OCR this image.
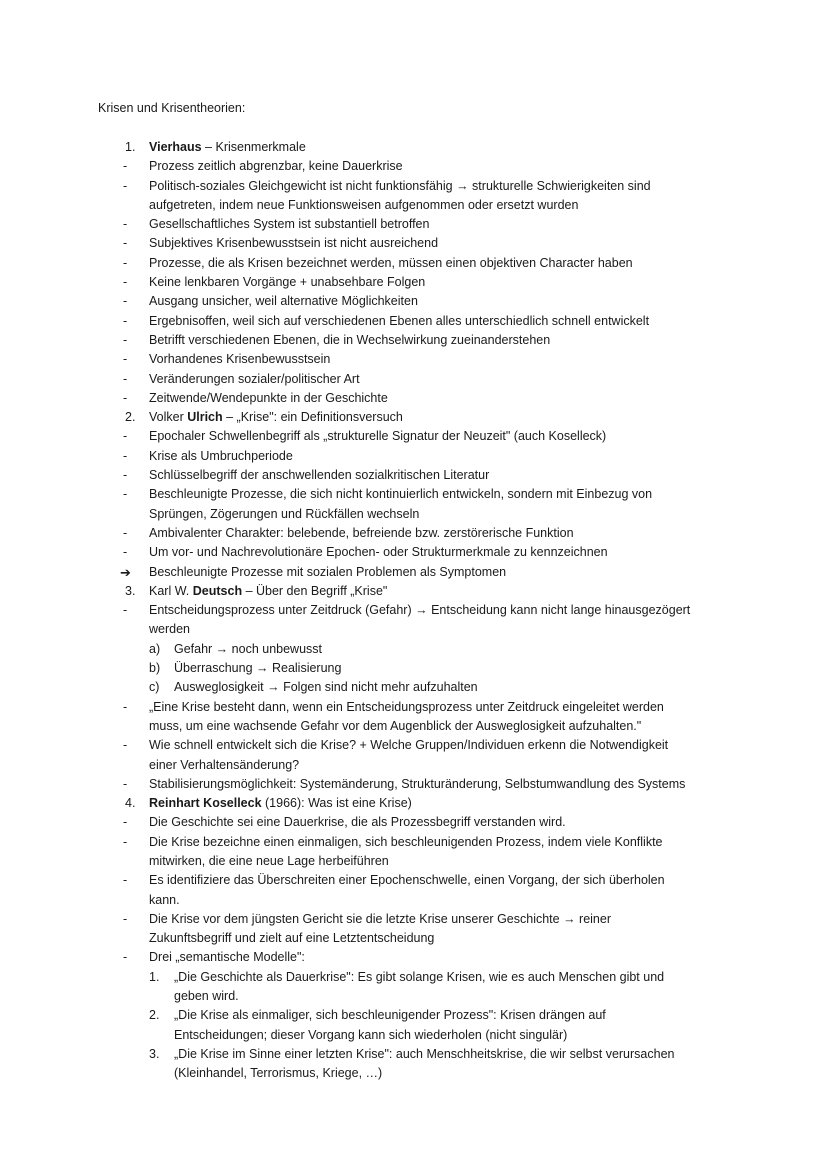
Krisen und Krisentheorien:
1. Vierhaus – Krisenmerkmale
- Prozess zeitlich abgrenzbar, keine Dauerkrise
- Politisch-soziales Gleichgewicht ist nicht funktionsfähig → strukturelle Schwierigkeiten sind
aufgetreten, indem neue Funktionsweisen aufgenommen oder ersetzt wurden
- Gesellschaftliches System ist substantiell betroffen
- Subjektives Krisenbewusstsein ist nicht ausreichend
- Prozesse, die als Krisen bezeichnet werden, müssen einen objektiven Character haben
- Keine lenkbaren Vorgänge + unabsehbare Folgen
- Ausgang unsicher, weil alternative Möglichkeiten
- Ergebnisoffen, weil sich auf verschiedenen Ebenen alles unterschiedlich schnell entwickelt
- Betrifft verschiedenen Ebenen, die in Wechselwirkung zueinanderstehen
- Vorhandenes Krisenbewusstsein
- Veränderungen sozialer/politischer Art
- Zeitwende/Wendepunkte in der Geschichte
2. Volker Ulrich – „Krise": ein Definitionsversuch
- Epochaler Schwellenbegriff als „strukturelle Signatur der Neuzeit" (auch Koselleck)
- Krise als Umbruchperiode
- Schlüsselbegriff der anschwellenden sozialkritischen Literatur
- Beschleunigte Prozesse, die sich nicht kontinuierlich entwickeln, sondern mit Einbezug von
Sprüngen, Zögerungen und Rückfällen wechseln
- Ambivalenter Charakter: belebende, befreiende bzw. zerstörerische Funktion
- Um vor- und Nachrevolutionäre Epochen- oder Strukturmerkmale zu kennzeichnen
➔ Beschleunigte Prozesse mit sozialen Problemen als Symptomen
3. Karl W. Deutsch – Über den Begriff „Krise"
- Entscheidungsprozess unter Zeitdruck (Gefahr) → Entscheidung kann nicht lange hinausgezögert
werden
a) Gefahr → noch unbewusst
b) Überraschung → Realisierung
c) Ausweglosigkeit → Folgen sind nicht mehr aufzuhalten
- „Eine Krise besteht dann, wenn ein Entscheidungsprozess unter Zeitdruck eingeleitet werden
muss, um eine wachsende Gefahr vor dem Augenblick der Ausweglosigkeit aufzuhalten."
- Wie schnell entwickelt sich die Krise? + Welche Gruppen/Individuen erkenn die Notwendigkeit
einer Verhaltensänderung?
- Stabilisierungsmöglichkeit: Systemänderung, Strukturänderung, Selbstumwandlung des Systems
4. Reinhart Koselleck (1966): Was ist eine Krise)
- Die Geschichte sei eine Dauerkrise, die als Prozessbegriff verstanden wird.
- Die Krise bezeichne einen einmaligen, sich beschleunigenden Prozess, indem viele Konflikte
mitwirken, die eine neue Lage herbeiführen
- Es identifiziere das Überschreiten einer Epochenschwelle, einen Vorgang, der sich überholen
kann.
- Die Krise vor dem jüngsten Gericht sie die letzte Krise unserer Geschichte → reiner
Zukunftsbegriff und zielt auf eine Letztentscheidung
- Drei „semantische Modelle":
1. „Die Geschichte als Dauerkrise": Es gibt solange Krisen, wie es auch Menschen gibt und
geben wird.
2. „Die Krise als einmaliger, sich beschleunigender Prozess": Krisen drängen auf
Entscheidungen; dieser Vorgang kann sich wiederholen (nicht singulär)
3. „Die Krise im Sinne einer letzten Krise": auch Menschheitskrise, die wir selbst verursachen
(Kleinhandel, Terrorismus, Kriege, …)
